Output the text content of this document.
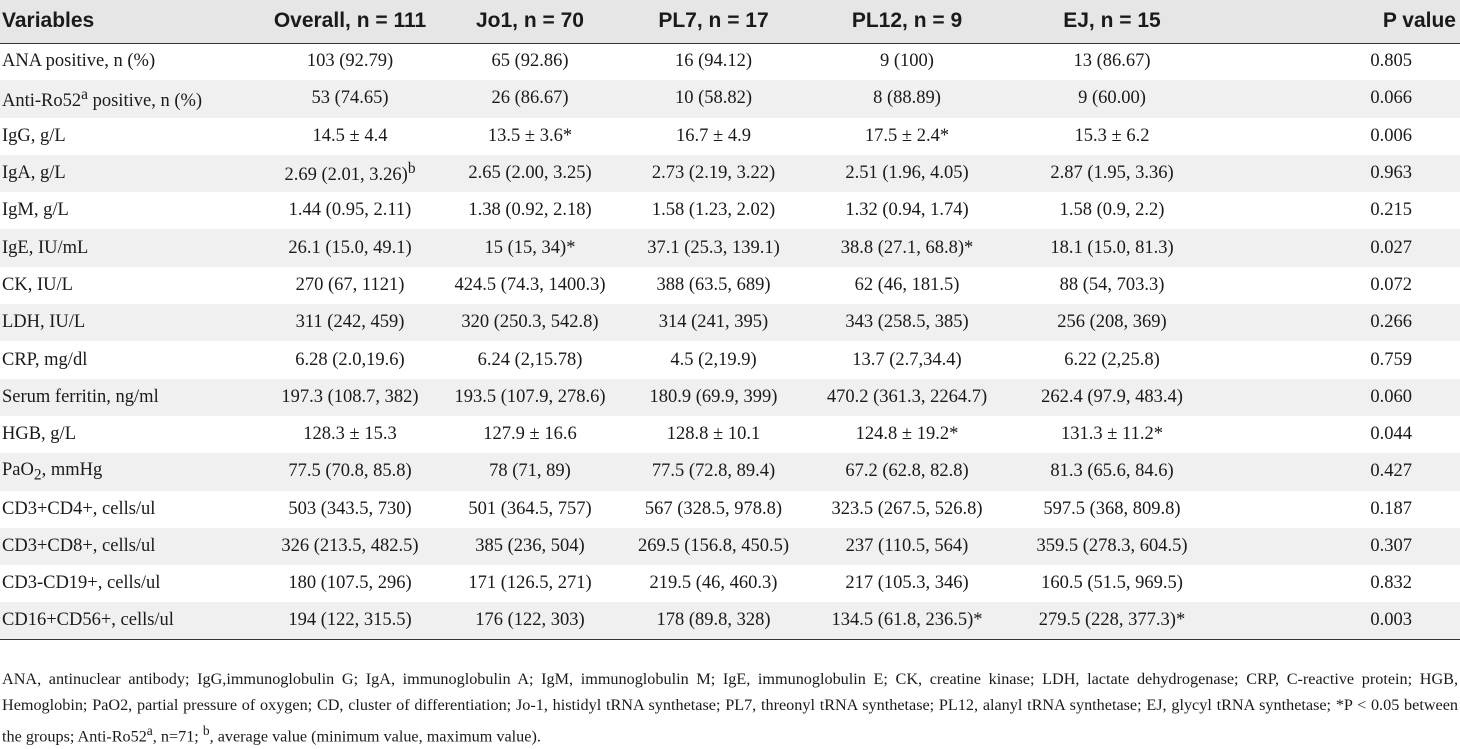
Variables	Overall, n = 111	Jo1, n = 70	PL7, n = 17	PL12, n = 9	EJ, n = 15	P value
ANA positive, n (%)	103 (92.79)	65 (92.86)	16 (94.12)	9 (100)	13 (86.67)	0.805
Anti-Ro52$^a$ positive, n (%)	53 (74.65)	26 (86.67)	10 (58.82)	8 (88.89)	9 (60.00)	0.066
IgG, g/L	14.5 ± 4.4	13.5 ± 3.6*	16.7 ± 4.9	17.5 ± 2.4*	15.3 ± 6.2	0.006
IgA, g/L	2.69 (2.01, 3.26)$^b$	2.65 (2.00, 3.25)	2.73 (2.19, 3.22)	2.51 (1.96, 4.05)	2.87 (1.95, 3.36)	0.963
IgM, g/L	1.44 (0.95, 2.11)	1.38 (0.92, 2.18)	1.58 (1.23, 2.02)	1.32 (0.94, 1.74)	1.58 (0.9, 2.2)	0.215
IgE, IU/mL	26.1 (15.0, 49.1)	15 (15, 34)*	37.1 (25.3, 139.1)	38.8 (27.1, 68.8)*	18.1 (15.0, 81.3)	0.027
CK, IU/L	270 (67, 1121)	424.5 (74.3, 1400.3)	388 (63.5, 689)	62 (46, 181.5)	88 (54, 703.3)	0.072
LDH, IU/L	311 (242, 459)	320 (250.3, 542.8)	314 (241, 395)	343 (258.5, 385)	256 (208, 369)	0.266
CRP, mg/dl	6.28 (2.0,19.6)	6.24 (2,15.78)	4.5 (2,19.9)	13.7 (2.7,34.4)	6.22 (2,25.8)	0.759
Serum ferritin, ng/ml	197.3 (108.7, 382)	193.5 (107.9, 278.6)	180.9 (69.9, 399)	470.2 (361.3, 2264.7)	262.4 (97.9, 483.4)	0.060
HGB, g/L	128.3 ± 15.3	127.9 ± 16.6	128.8 ± 10.1	124.8 ± 19.2*	131.3 ± 11.2*	0.044
PaO$_2$, mmHg	77.5 (70.8, 85.8)	78 (71, 89)	77.5 (72.8, 89.4)	67.2 (62.8, 82.8)	81.3 (65.6, 84.6)	0.427
CD3+CD4+, cells/ul	503 (343.5, 730)	501 (364.5, 757)	567 (328.5, 978.8)	323.5 (267.5, 526.8)	597.5 (368, 809.8)	0.187
CD3+CD8+, cells/ul	326 (213.5, 482.5)	385 (236, 504)	269.5 (156.8, 450.5)	237 (110.5, 564)	359.5 (278.3, 604.5)	0.307
CD3-CD19+, cells/ul	180 (107.5, 296)	171 (126.5, 271)	219.5 (46, 460.3)	217 (105.3, 346)	160.5 (51.5, 969.5)	0.832
CD16+CD56+, cells/ul	194 (122, 315.5)	176 (122, 303)	178 (89.8, 328)	134.5 (61.8, 236.5)*	279.5 (228, 377.3)*	0.003
ANA, antinuclear antibody; IgG,immunoglobulin G; IgA, immunoglobulin A; IgM, immunoglobulin M; IgE, immunoglobulin E; CK, creatine kinase; LDH, lactate dehydrogenase; CRP, C-reactive protein; HGB, Hemoglobin; PaO2, partial pressure of oxygen; CD, cluster of differentiation; Jo-1, histidyl tRNA synthetase; PL7, threonyl tRNA synthetase; PL12, alanyl tRNA synthetase; EJ, glycyl tRNA synthetase; *P < 0.05 between the groups; Anti-Ro52$^a$, n=71; $^b$, average value (minimum value, maximum value).
